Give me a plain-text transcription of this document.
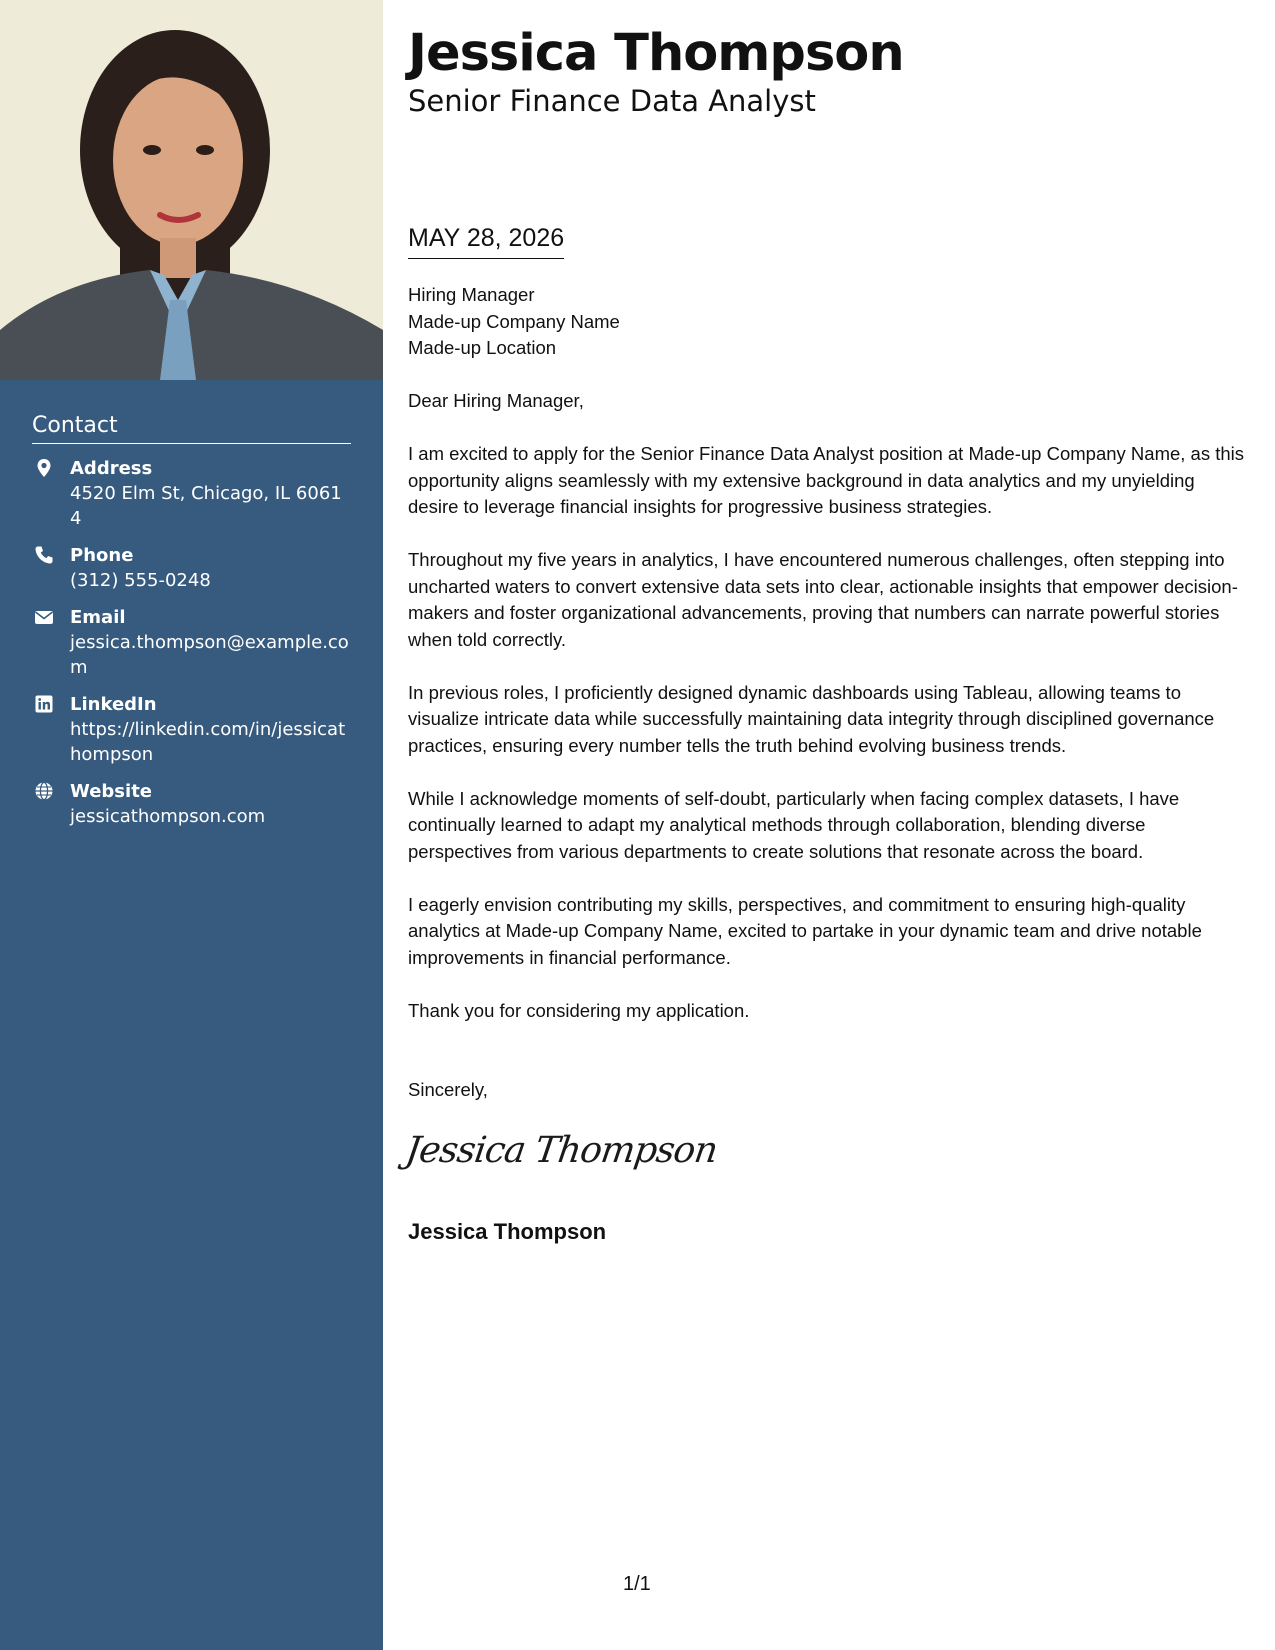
Contact
Address
4520 Elm St, Chicago, IL 60614
Phone
(312) 555-0248
Email
jessica.thompson@example.com
LinkedIn
https://linkedin.com/in/jessicathompson
Website
jessicathompson.com
Jessica Thompson
Senior Finance Data Analyst
MAY 28, 2026
Hiring Manager
Made-up Company Name
Made-up Location

Dear Hiring Manager,

I am excited to apply for the Senior Finance Data Analyst position at Made-up Company Name, as this opportunity aligns seamlessly with my extensive background in data analytics and my unyielding desire to leverage financial insights for progressive business strategies.

Throughout my five years in analytics, I have encountered numerous challenges, often stepping into uncharted waters to convert extensive data sets into clear, actionable insights that empower decision-makers and foster organizational advancements, proving that numbers can narrate powerful stories when told correctly.

In previous roles, I proficiently designed dynamic dashboards using Tableau, allowing teams to visualize intricate data while successfully maintaining data integrity through disciplined governance practices, ensuring every number tells the truth behind evolving business trends.

While I acknowledge moments of self-doubt, particularly when facing complex datasets, I have continually learned to adapt my analytical methods through collaboration, blending diverse perspectives from various departments to create solutions that resonate across the board.

I eagerly envision contributing my skills, perspectives, and commitment to ensuring high-quality analytics at Made-up Company Name, excited to partake in your dynamic team and drive notable improvements in financial performance.

Thank you for considering my application.

Sincerely,

Jessica Thompson
Jessica Thompson
1/1
